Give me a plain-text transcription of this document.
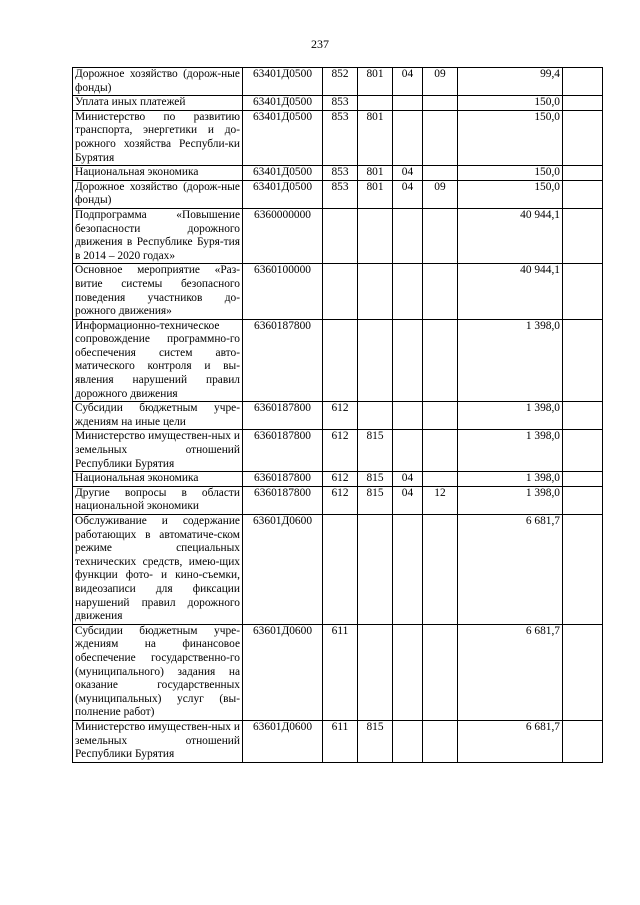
237
Дорожное хозяйство (дорож-ные фонды)	63401Д0500	852	801	04	09	99,4	
Уплата иных платежей	63401Д0500	853				150,0	
Министерство по развитию транспорта, энергетики и до-рожного хозяйства Республи-ки Бурятия	63401Д0500	853	801			150,0	
Национальная экономика	63401Д0500	853	801	04		150,0	
Дорожное хозяйство (дорож-ные фонды)	63401Д0500	853	801	04	09	150,0	
Подпрограмма «Повышение безопасности дорожного движения в Республике Буря-тия в 2014 – 2020 годах»	6360000000					40 944,1	
Основное мероприятие «Раз-витие системы безопасного поведения участников до-рожного движения»	6360100000					40 944,1	
Информационно-техническое сопровождение программно-го обеспечения систем авто-матического контроля и вы-явления нарушений правил дорожного движения	6360187800					1 398,0	
Субсидии бюджетным учре-ждениям на иные цели	6360187800	612				1 398,0	
Министерство имуществен-ных и земельных отношений Республики Бурятия	6360187800	612	815			1 398,0	
Национальная экономика	6360187800	612	815	04		1 398,0	
Другие вопросы в области национальной экономики	6360187800	612	815	04	12	1 398,0	
Обслуживание и содержание работающих в автоматиче-ском режиме специальных технических средств, имею-щих функции фото- и кино-съемки, видеозаписи для фиксации нарушений правил дорожного движения	63601Д0600					6 681,7	
Субсидии бюджетным учре-ждениям на финансовое обеспечение государственно-го (муниципального) задания на оказание государственных (муниципальных) услуг (вы-полнение работ)	63601Д0600	611				6 681,7	
Министерство имуществен-ных и земельных отношений Республики Бурятия	63601Д0600	611	815			6 681,7	
